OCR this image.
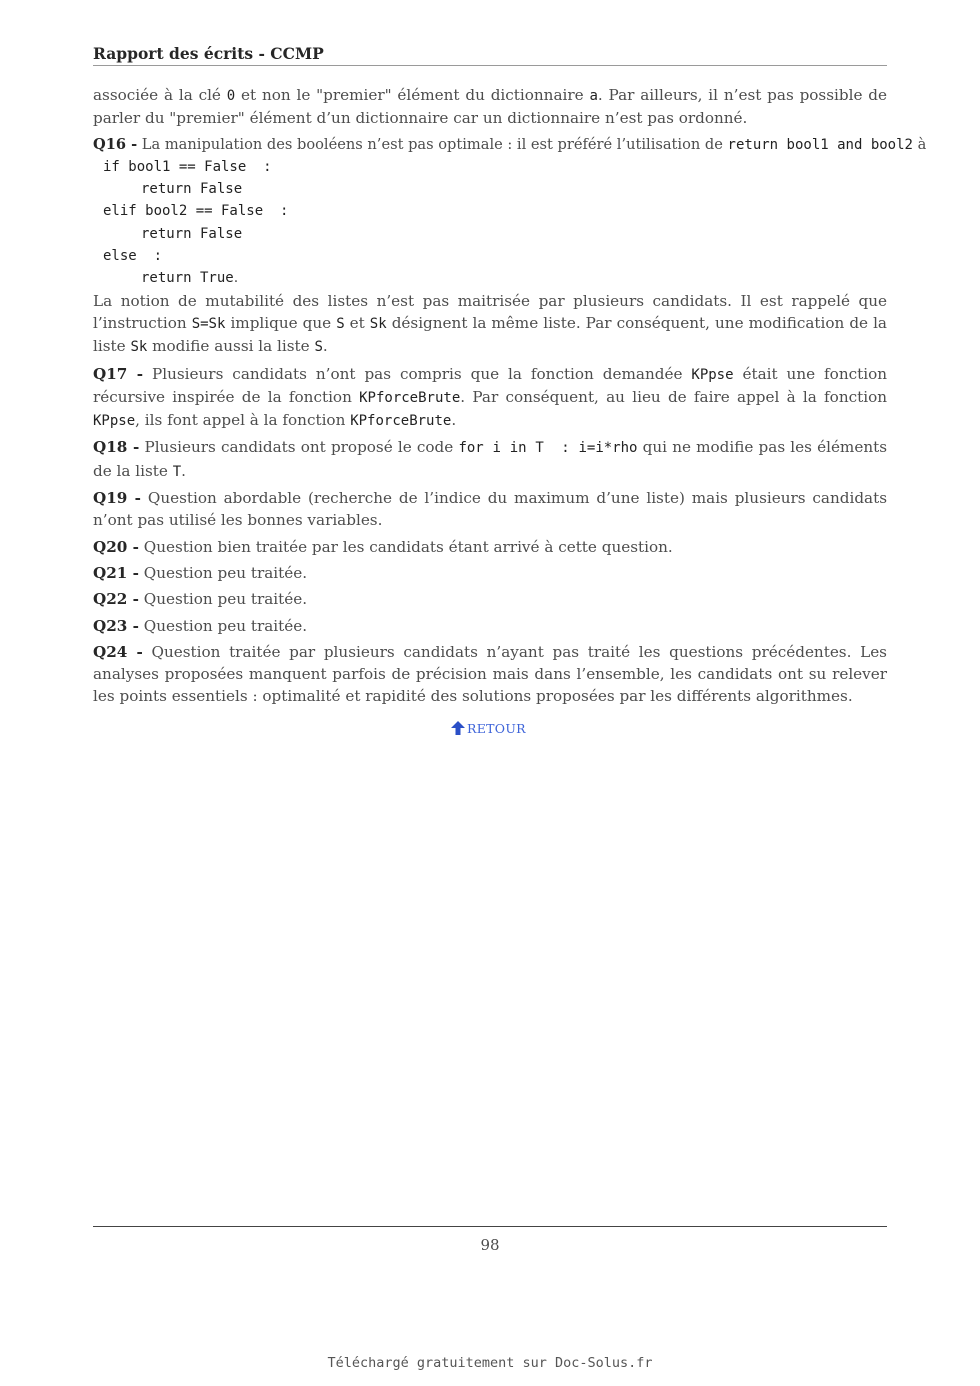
Rapport des écrits - CCMP

associée à la clé 0 et non le "premier" élément du dictionnaire a. Par ailleurs, il n’est pas possible de parler du "premier" élément d’un dictionnaire car un dictionnaire n’est pas ordonné.

Q16 - La manipulation des booléens n’est pas optimale : il est préféré l’utilisation de return bool1 and bool2 à
if bool1 == False  :
return False
elif bool2 == False  :
return False
else  :
return True.

La notion de mutabilité des listes n’est pas maitrisée par plusieurs candidats. Il est rappelé que l’instruction S=Sk implique que S et Sk désignent la même liste. Par conséquent, une modification de la liste Sk modifie aussi la liste S.

Q17 - Plusieurs candidats n’ont pas compris que la fonction demandée KPpse était une fonction récursive inspirée de la fonction KPforceBrute. Par conséquent, au lieu de faire appel à la fonction KPpse, ils font appel à la fonction KPforceBrute.

Q18 - Plusieurs candidats ont proposé le code for i in T  : i=i*rho qui ne modifie pas les éléments de la liste T.

Q19 - Question abordable (recherche de l’indice du maximum d’une liste) mais plusieurs candidats n’ont pas utilisé les bonnes variables.

Q20 - Question bien traitée par les candidats étant arrivé à cette question.

Q21 - Question peu traitée.

Q22 - Question peu traitée.

Q23 - Question peu traitée.

Q24 - Question traitée par plusieurs candidats n’ayant pas traité les questions précédentes. Les analyses proposées manquent parfois de précision mais dans l’ensemble, les candidats ont su relever les points essentiels : optimalité et rapidité des solutions proposées par les différents algorithmes.

RETOUR
98
Téléchargé gratuitement sur Doc-Solus.fr
